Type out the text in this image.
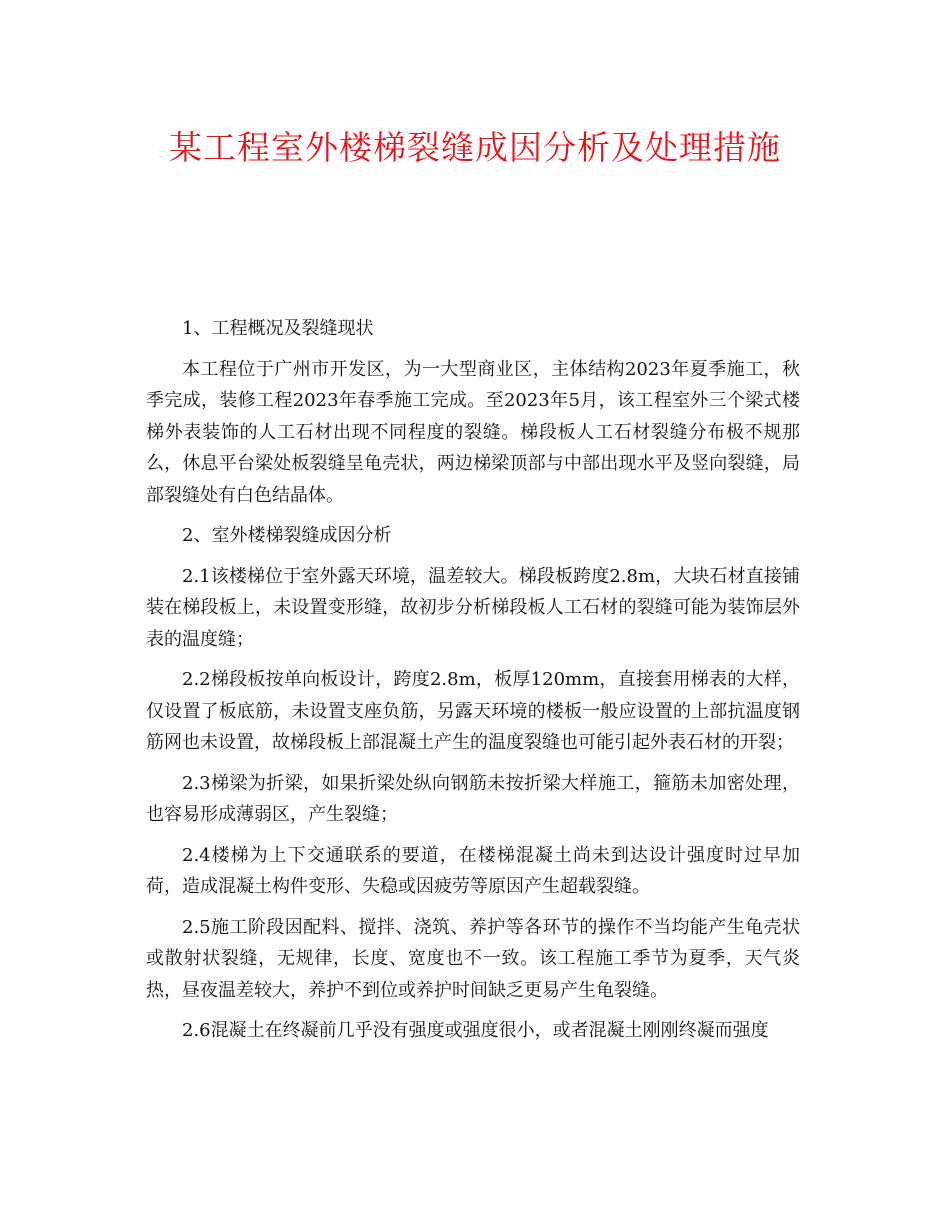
某工程室外楼梯裂缝成因分析及处理措施

1、工程概况及裂缝现状

本工程位于广州市开发区，为一大型商业区，主体结构2023年夏季施工，秋季完成，装修工程2023年春季施工完成。至2023年5月，该工程室外三个梁式楼梯外表装饰的人工石材出现不同程度的裂缝。梯段板人工石材裂缝分布极不规那么，休息平台梁处板裂缝呈龟壳状，两边梯梁顶部与中部出现水平及竖向裂缝，局部裂缝处有白色结晶体。

2、室外楼梯裂缝成因分析

2.1该楼梯位于室外露天环境，温差较大。梯段板跨度2.8m，大块石材直接铺装在梯段板上，未设置变形缝，故初步分析梯段板人工石材的裂缝可能为装饰层外表的温度缝；

2.2梯段板按单向板设计，跨度2.8m，板厚120mm，直接套用梯表的大样，仅设置了板底筋，未设置支座负筋，另露天环境的楼板一般应设置的上部抗温度钢筋网也未设置，故梯段板上部混凝土产生的温度裂缝也可能引起外表石材的开裂；

2.3梯梁为折梁，如果折梁处纵向钢筋未按折梁大样施工，箍筋未加密处理，也容易形成薄弱区，产生裂缝；

2.4楼梯为上下交通联系的要道，在楼梯混凝土尚未到达设计强度时过早加荷，造成混凝土构件变形、失稳或因疲劳等原因产生超载裂缝。

2.5施工阶段因配料、搅拌、浇筑、养护等各环节的操作不当均能产生龟壳状或散射状裂缝，无规律，长度、宽度也不一致。该工程施工季节为夏季，天气炎热，昼夜温差较大，养护不到位或养护时间缺乏更易产生龟裂缝。

2.6混凝土在终凝前几乎没有强度或强度很小，或者混凝土刚刚终凝而强度
